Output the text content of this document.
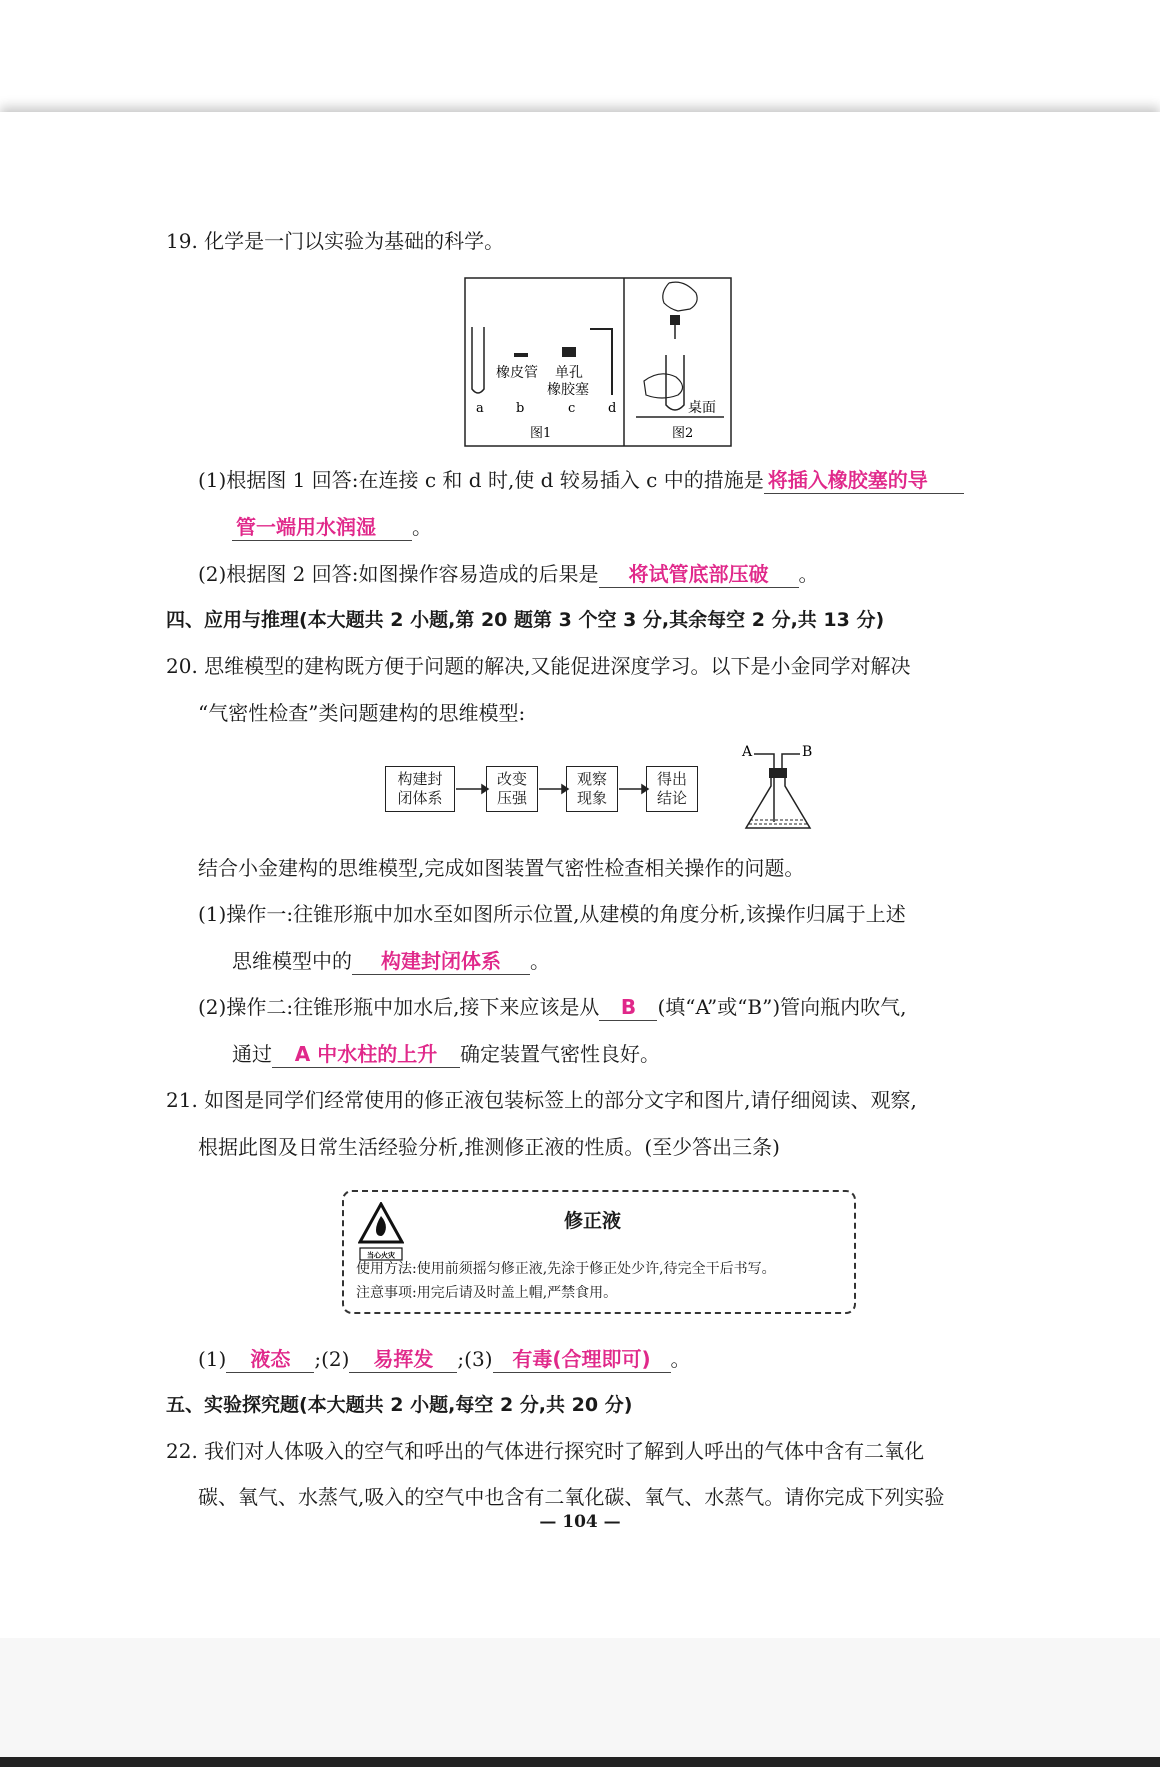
19. 化学是一门以实验为基础的科学。
橡皮管 单孔
橡胶塞
a b	c	d
图1
桌面
图2
(1)根据图 1 回答:在连接 c 和 d 时,使 d 较易插入 c 中的措施是 将插入橡胶塞的导
管一端用水润湿 。
(2)根据图 2 回答:如图操作容易造成的后果是 将试管底部压破 。
四、应用与推理(本大题共 2 小题,第 20 题第 3 个空 3 分,其余每空 2 分,共 13 分)
20. 思维模型的建构既方便于问题的解决,又能促进深度学习。以下是小金同学对解决
“气密性检查”类问题建构的思维模型:
构建封
闭体系
改变
压强
观察
现象
得出
结论
A	B
结合小金建构的思维模型,完成如图装置气密性检查相关操作的问题。
(1)操作一:往锥形瓶中加水至如图所示位置,从建模的角度分析,该操作归属于上述
思维模型中的 构建封闭体系 。
(2)操作二:往锥形瓶中加水后,接下来应该是从 B (填“A”或“B”)管向瓶内吹气,
通过 A 中水柱的上升 确定装置气密性良好。
21. 如图是同学们经常使用的修正液包装标签上的部分文字和图片,请仔细阅读、观察,
根据此图及日常生活经验分析,推测修正液的性质。(至少答出三条)
当心火灾
修正液
使用方法:使用前须摇匀修正液,先涂于修正处少许,待完全干后书写。
注意事项:用完后请及时盖上帽,严禁食用。
(1) 液态 ;(2) 易挥发 ;(3) 有毒(合理即可) 。
五、实验探究题(本大题共 2 小题,每空 2 分,共 20 分)
22. 我们对人体吸入的空气和呼出的气体进行探究时了解到人呼出的气体中含有二氧化
碳、氧气、水蒸气,吸入的空气中也含有二氧化碳、氧气、水蒸气。请你完成下列实验
— 104 —
